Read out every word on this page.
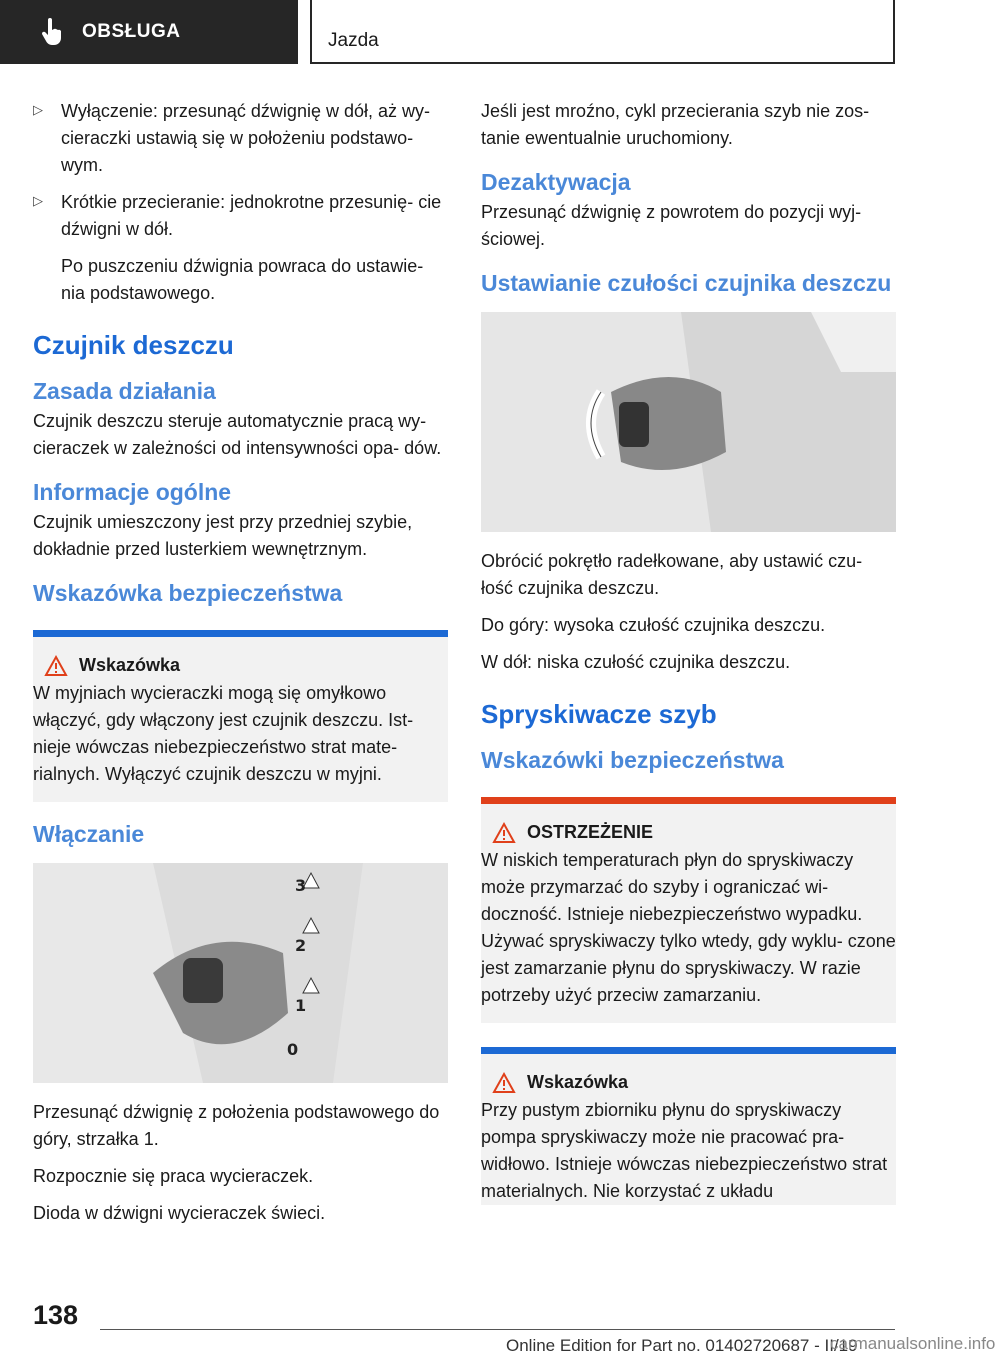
OBSŁUGA	Jazda
▷	Wyłączenie: przesunąć dźwignię w dół, aż wy‐ cieraczki ustawią się w położeniu podstawo‐ wym.
▷	Krótkie przecieranie: jednokrotne przesunię‐ cie dźwigni w dół.

Po puszczeniu dźwignia powraca do ustawie‐ nia podstawowego.

Czujnik deszczu
Zasada działania

Czujnik deszczu steruje automatycznie pracą wy‐ cieraczek w zależności od intensywności opa‐ dów.

Informacje ogólne

Czujnik umieszczony jest przy przedniej szybie, dokładnie przed lusterkiem wewnętrznym.

Wskazówka bezpieczeństwa
Wskazówka
W myjniach wycieraczki mogą się omyłkowo włączyć, gdy włączony jest czujnik deszczu. Ist‐ nieje wówczas niebezpieczeństwo strat mate‐ rialnych. Wyłączyć czujnik deszczu w myjni.
Włączanie
3
2
1
0

Przesunąć dźwignię z położenia podstawowego do góry, strzałka 1.

Rozpocznie się praca wycieraczek.

Dioda w dźwigni wycieraczek świeci.

Jeśli jest mroźno, cykl przecierania szyb nie zos‐ tanie ewentualnie uruchomiony.

Dezaktywacja

Przesunąć dźwignię z powrotem do pozycji wyj‐ ściowej.

Ustawianie czułości czujnika deszczu

Obrócić pokrętło radełkowane, aby ustawić czu‐ łość czujnika deszczu.

Do góry: wysoka czułość czujnika deszczu.

W dół: niska czułość czujnika deszczu.

Spryskiwacze szyb
Wskazówki bezpieczeństwa
OSTRZEŻENIE
W niskich temperaturach płyn do spryskiwaczy może przymarzać do szyby i ograniczać wi‐ doczność. Istnieje niebezpieczeństwo wypadku. Używać spryskiwaczy tylko wtedy, gdy wyklu‐ czone jest zamarzanie płynu do spryskiwaczy. W razie potrzeby użyć przeciw zamarzaniu.
Wskazówka
Przy pustym zbiorniku płynu do spryskiwaczy pompa spryskiwaczy może nie pracować pra‐ widłowo. Istnieje wówczas niebezpieczeństwo strat materialnych. Nie korzystać z układu
138
Online Edition for Part no. 01402720687 - II/19
carmanualsonline.info
